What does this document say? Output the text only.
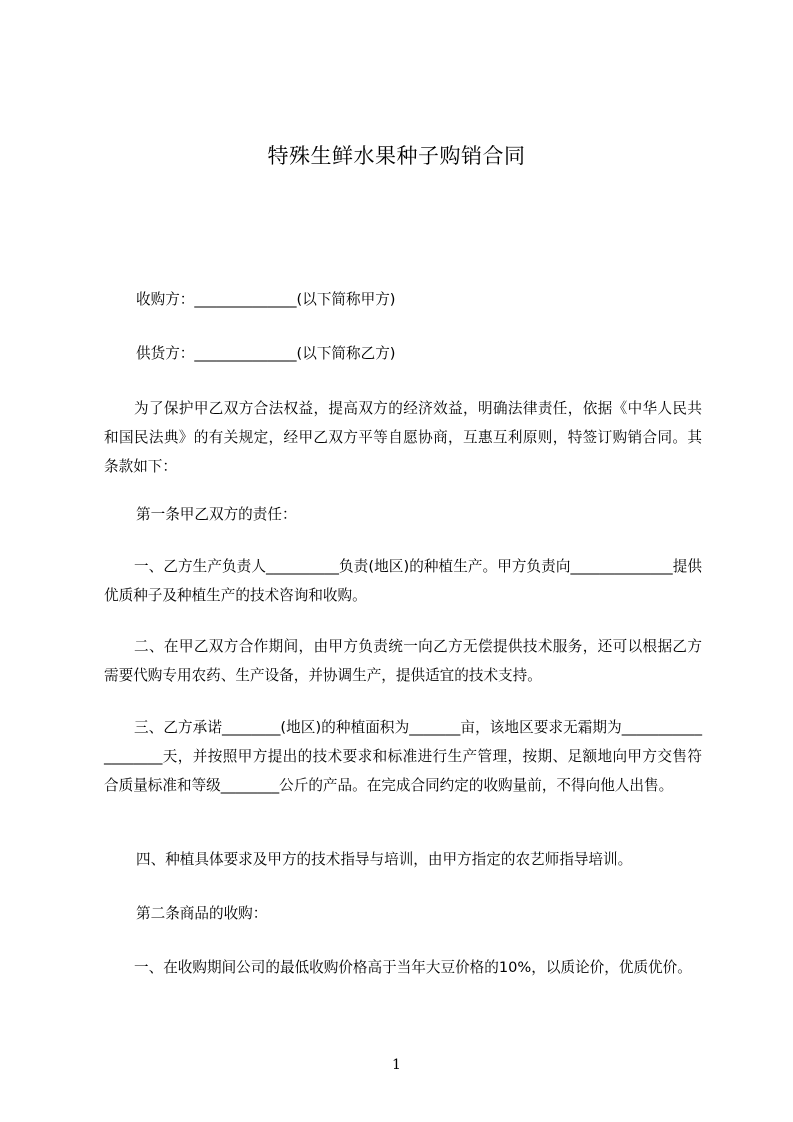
特殊生鲜水果种子购销合同

收购方：______________(以下简称甲方)

供货方：______________(以下简称乙方)

为了保护甲乙双方合法权益，提高双方的经济效益，明确法律责任，依据《中华人民共和国民法典》的有关规定，经甲乙双方平等自愿协商，互惠互利原则，特签订购销合同。其条款如下：

第一条甲乙双方的责任：

一、乙方生产负责人__________负责(地区)的种植生产。甲方负责向______________提供优质种子及种植生产的技术咨询和收购。

二、在甲乙双方合作期间，由甲方负责统一向乙方无偿提供技术服务，还可以根据乙方需要代购专用农药、生产设备，并协调生产，提供适宜的技术支持。

三、乙方承诺________(地区)的种植面积为_______亩，该地区要求无霜期为___________________天，并按照甲方提出的技术要求和标准进行生产管理，按期、足额地向甲方交售符合质量标准和等级________公斤的产品。在完成合同约定的收购量前，不得向他人出售。

四、种植具体要求及甲方的技术指导与培训，由甲方指定的农艺师指导培训。

第二条商品的收购：

一、在收购期间公司的最低收购价格高于当年大豆价格的10%，以质论价，优质优价。

1
